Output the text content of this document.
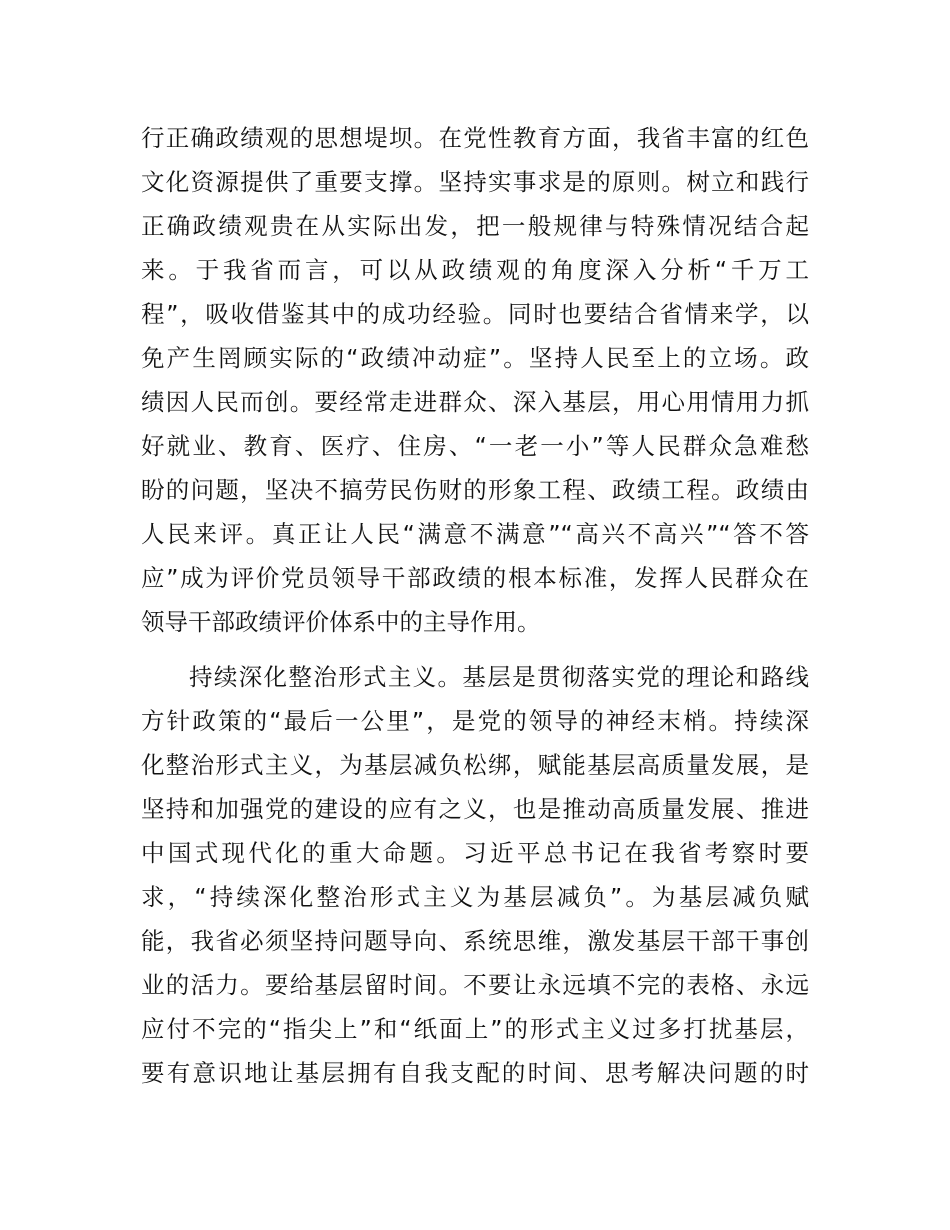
行正确政绩观的思想堤坝。在党性教育方面，我省丰富的红色
文化资源提供了重要支撑。坚持实事求是的原则。树立和践行
正确政绩观贵在从实际出发，把一般规律与特殊情况结合起
来。于我省而言，可以从政绩观的角度深入分析“千万工
程”，吸收借鉴其中的成功经验。同时也要结合省情来学，以
免产生罔顾实际的“政绩冲动症”。坚持人民至上的立场。政
绩因人民而创。要经常走进群众、深入基层，用心用情用力抓
好就业、教育、医疗、住房、“一老一小”等人民群众急难愁
盼的问题，坚决不搞劳民伤财的形象工程、政绩工程。政绩由
人民来评。真正让人民“满意不满意”“高兴不高兴”“答不答
应”成为评价党员领导干部政绩的根本标准，发挥人民群众在
领导干部政绩评价体系中的主导作用。
持续深化整治形式主义。基层是贯彻落实党的理论和路线
方针政策的“最后一公里”，是党的领导的神经末梢。持续深
化整治形式主义，为基层减负松绑，赋能基层高质量发展，是
坚持和加强党的建设的应有之义，也是推动高质量发展、推进
中国式现代化的重大命题。习近平总书记在我省考察时要
求，“持续深化整治形式主义为基层减负”。为基层减负赋
能，我省必须坚持问题导向、系统思维，激发基层干部干事创
业的活力。要给基层留时间。不要让永远填不完的表格、永远
应付不完的“指尖上”和“纸面上”的形式主义过多打扰基层，
要有意识地让基层拥有自我支配的时间、思考解决问题的时
